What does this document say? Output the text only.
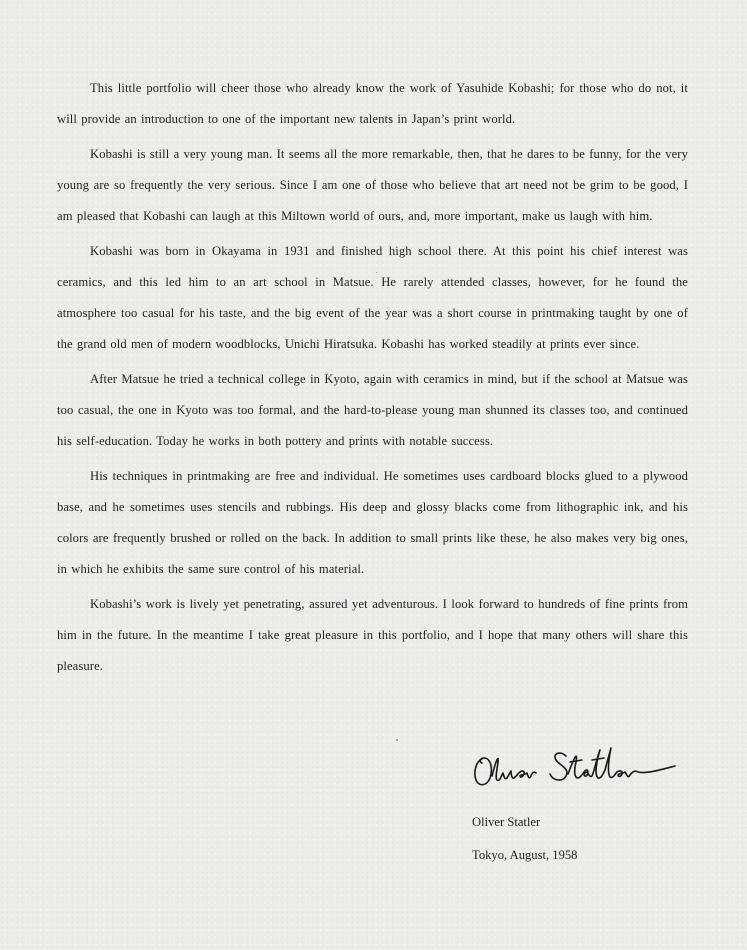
This little portfolio will cheer those who already know the work of Yasuhide Kobashi; for those who do not, it will provide an introduction to one of the important new talents in Japan’s print world.

Kobashi is still a very young man. It seems all the more remarkable, then, that he dares to be funny, for the very young are so frequently the very serious. Since I am one of those who believe that art need not be grim to be good, I am pleased that Kobashi can laugh at this Miltown world of ours, and, more important, make us laugh with him.

Kobashi was born in Okayama in 1931 and finished high school there. At this point his chief interest was ceramics, and this led him to an art school in Matsue. He rarely attended classes, however, for he found the atmosphere too casual for his taste, and the big event of the year was a short course in printmaking taught by one of the grand old men of modern woodblocks, Unichi Hiratsuka. Kobashi has worked steadily at prints ever since.

After Matsue he tried a technical college in Kyoto, again with ceramics in mind, but if the school at Matsue was too casual, the one in Kyoto was too formal, and the hard-to-please young man shunned its classes too, and continued his self-education. Today he works in both pottery and prints with notable success.

His techniques in printmaking are free and individual. He sometimes uses cardboard blocks glued to a plywood base, and he sometimes uses stencils and rubbings. His deep and glossy blacks come from lithographic ink, and his colors are frequently brushed or rolled on the back. In addition to small prints like these, he also makes very big ones, in which he exhibits the same sure control of his material.

Kobashi’s work is lively yet penetrating, assured yet adventurous. I look forward to hundreds of fine prints from him in the future. In the meantime I take great pleasure in this portfolio, and I hope that many others will share this pleasure.

Oliver Statler
Tokyo, August, 1958
